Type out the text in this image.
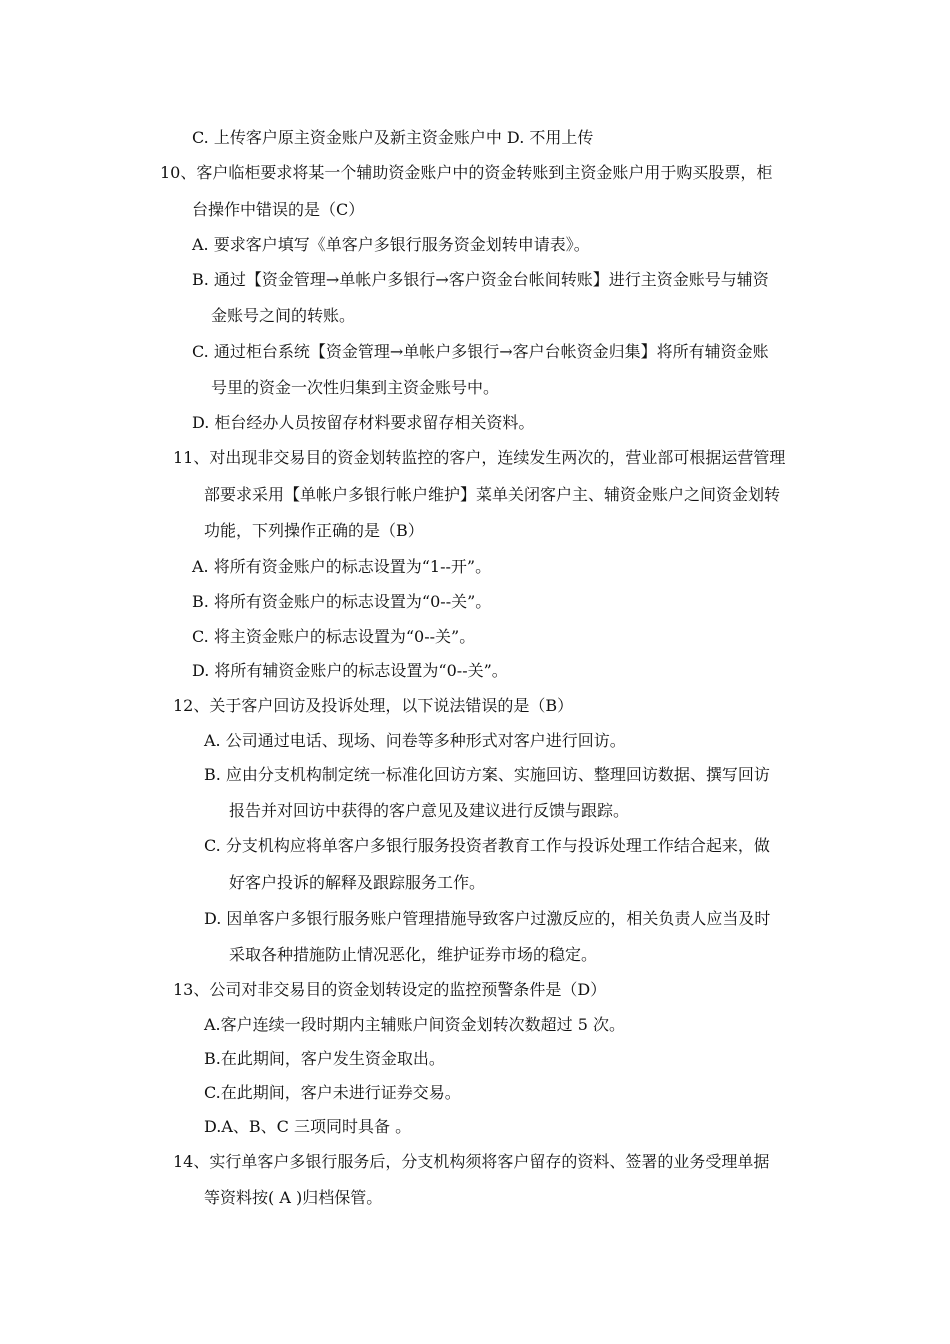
C. 上传客户原主资金账户及新主资金账户中 D. 不用上传
10、客户临柜要求将某一个辅助资金账户中的资金转账到主资金账户用于购买股票，柜
台操作中错误的是（C）
A. 要求客户填写《单客户多银行服务资金划转申请表》。
B. 通过【资金管理→单帐户多银行→客户资金台帐间转账】进行主资金账号与辅资
金账号之间的转账。
C. 通过柜台系统【资金管理→单帐户多银行→客户台帐资金归集】将所有辅资金账
号里的资金一次性归集到主资金账号中。
D. 柜台经办人员按留存材料要求留存相关资料。
11、对出现非交易目的资金划转监控的客户，连续发生两次的，营业部可根据运营管理
部要求采用【单帐户多银行帐户维护】菜单关闭客户主、辅资金账户之间资金划转
功能，下列操作正确的是（B）
A. 将所有资金账户的标志设置为“1--开”。
B. 将所有资金账户的标志设置为“0--关”。
C. 将主资金账户的标志设置为“0--关”。
D. 将所有辅资金账户的标志设置为“0--关”。
12、关于客户回访及投诉处理，以下说法错误的是（B）
A. 公司通过电话、现场、问卷等多种形式对客户进行回访。
B. 应由分支机构制定统一标准化回访方案、实施回访、整理回访数据、撰写回访
报告并对回访中获得的客户意见及建议进行反馈与跟踪。
C. 分支机构应将单客户多银行服务投资者教育工作与投诉处理工作结合起来，做
好客户投诉的解释及跟踪服务工作。
D. 因单客户多银行服务账户管理措施导致客户过激反应的，相关负责人应当及时
采取各种措施防止情况恶化，维护证券市场的稳定。
13、公司对非交易目的资金划转设定的监控预警条件是（D）
A.客户连续一段时期内主辅账户间资金划转次数超过 5 次。
B.在此期间，客户发生资金取出。
C.在此期间，客户未进行证券交易。
D.A、B、C 三项同时具备 。
14、实行单客户多银行服务后，分支机构须将客户留存的资料、签署的业务受理单据
等资料按( A )归档保管。
